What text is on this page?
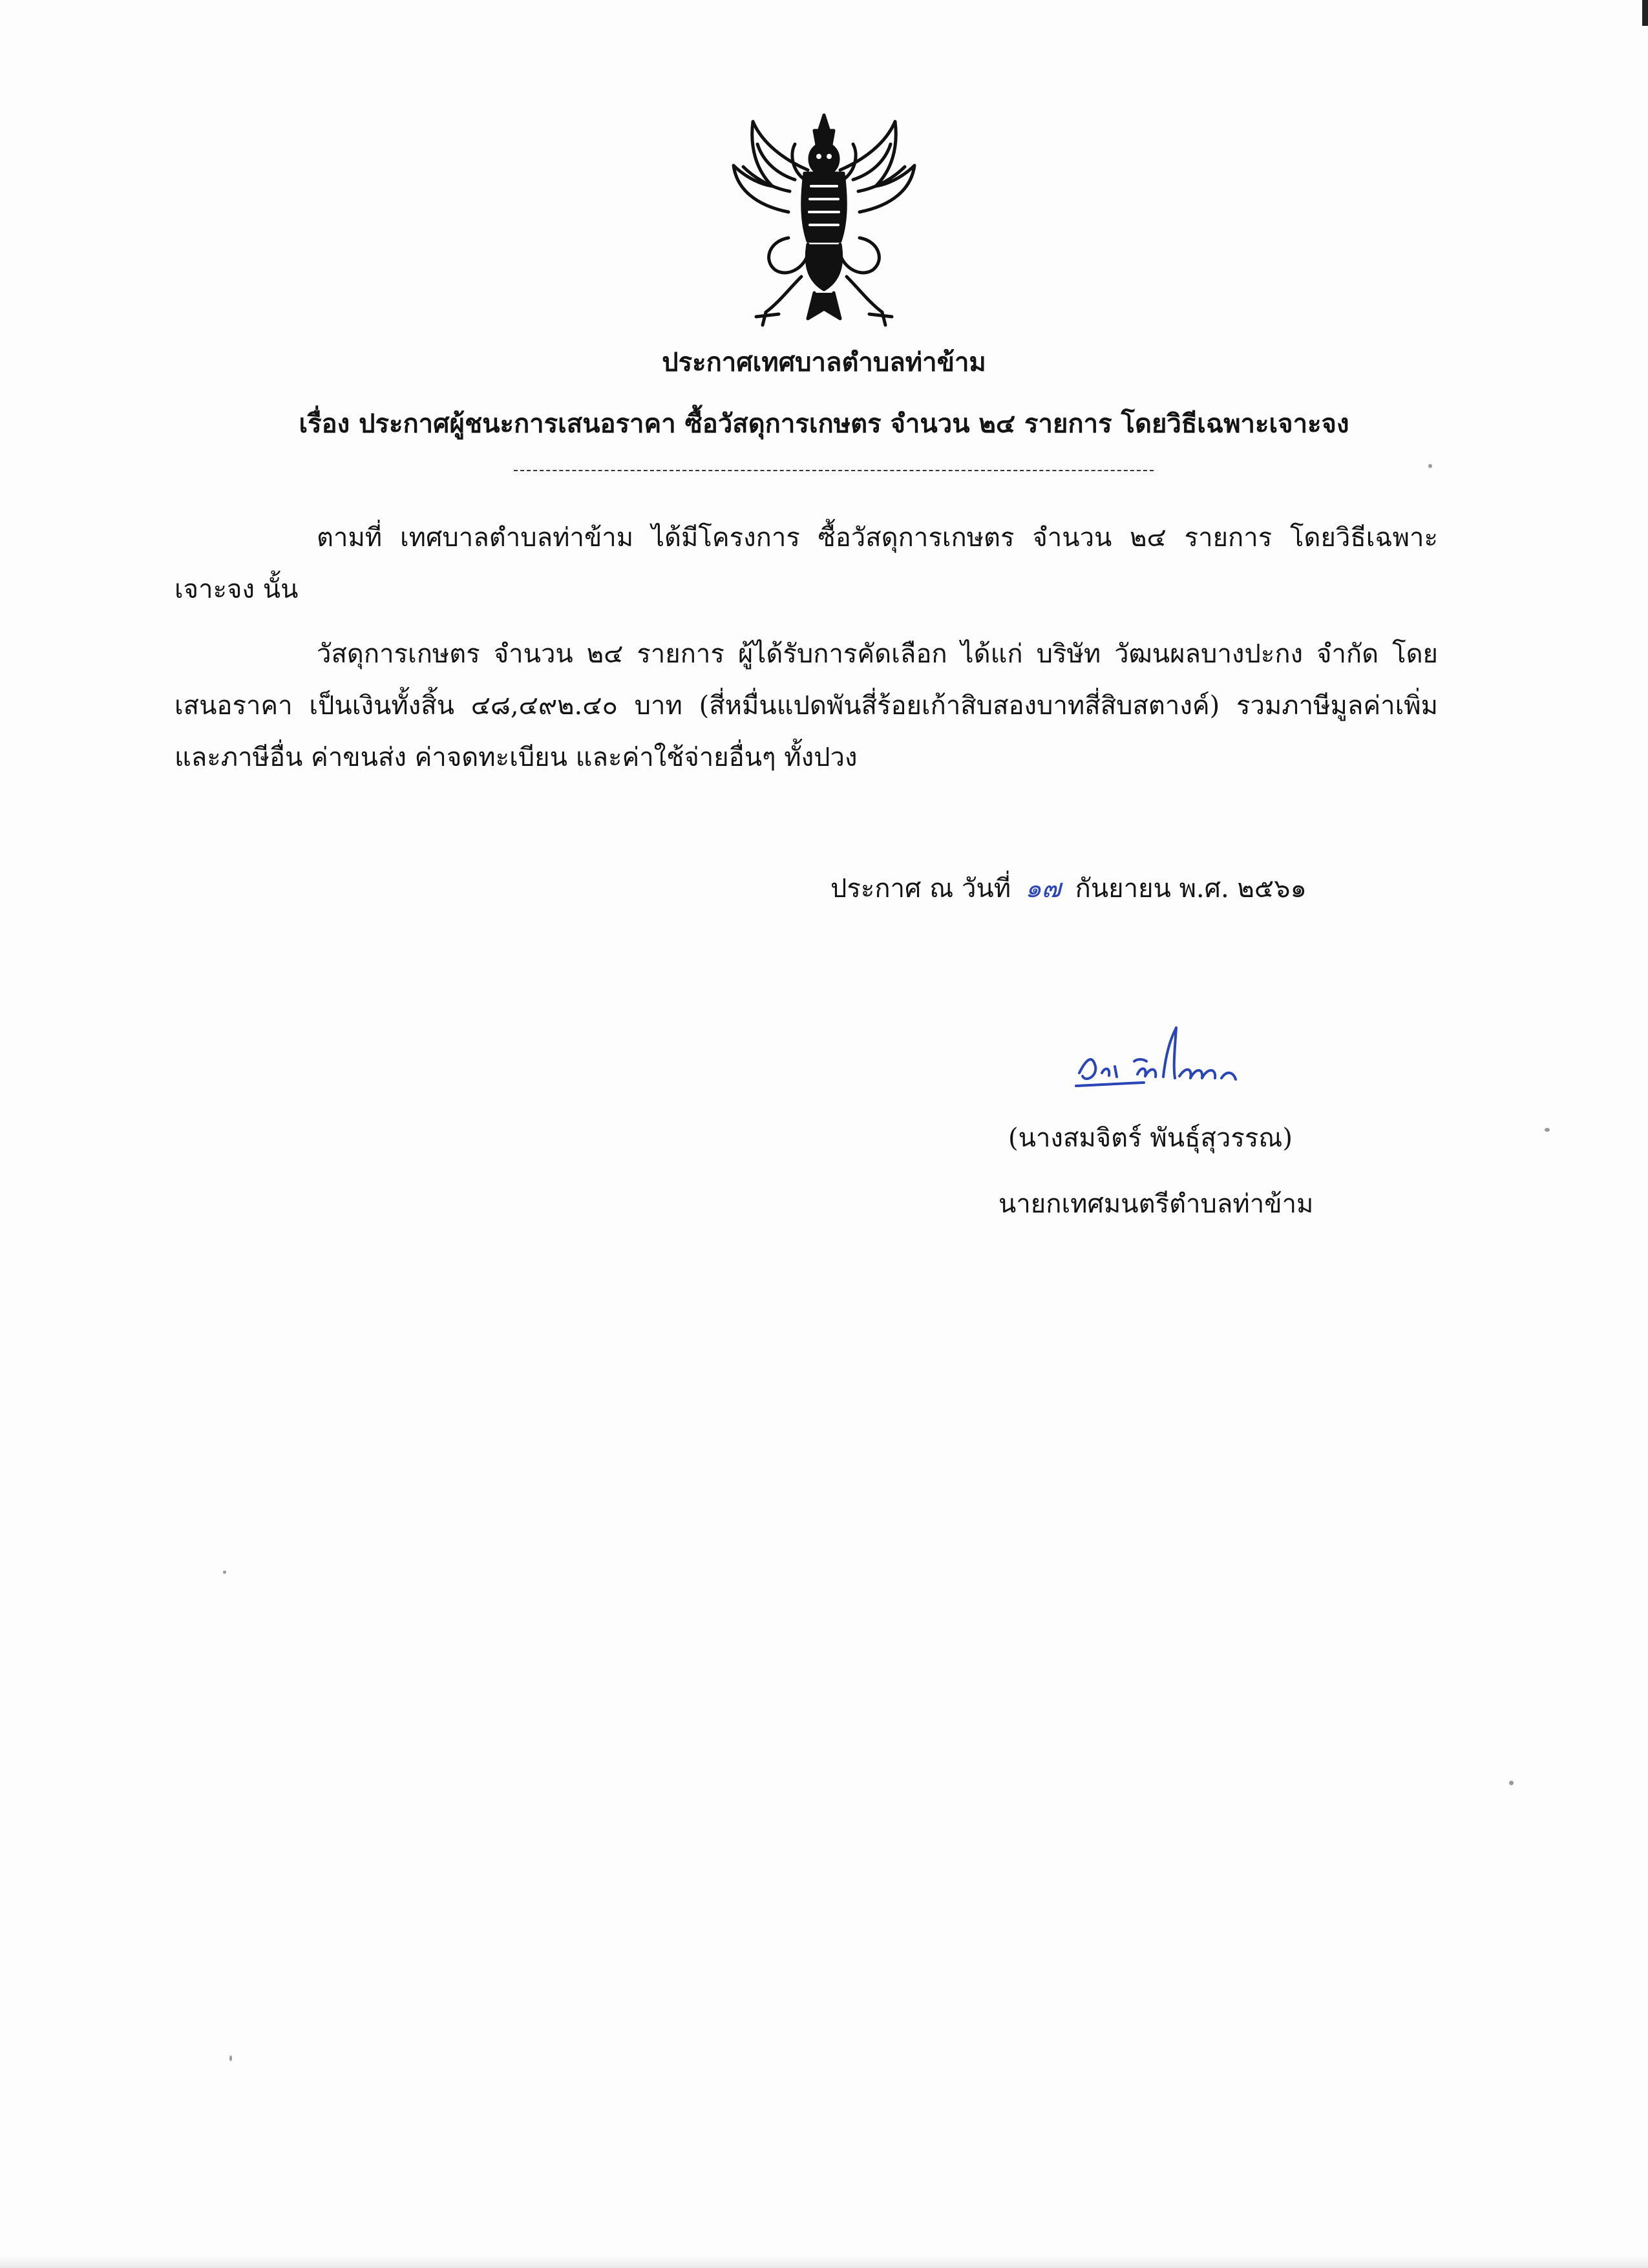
ประกาศเทศบาลตำบลท่าข้าม
เรื่อง ประกาศผู้ชนะการเสนอราคา ซื้อวัสดุการเกษตร จำนวน ๒๔ รายการ โดยวิธีเฉพาะเจาะจง
ตามที่ เทศบาลตำบลท่าข้าม ได้มีโครงการ ซื้อวัสดุการเกษตร จำนวน ๒๔ รายการ โดยวิธีเฉพาะเจาะจง นั้น
วัสดุการเกษตร จำนวน ๒๔ รายการ ผู้ได้รับการคัดเลือก ได้แก่ บริษัท วัฒนผลบางปะกง จำกัด โดยเสนอราคา เป็นเงินทั้งสิ้น ๔๘,๔๙๒.๔๐ บาท (สี่หมื่นแปดพันสี่ร้อยเก้าสิบสองบาทสี่สิบสตางค์) รวมภาษีมูลค่าเพิ่มและภาษีอื่น ค่าขนส่ง ค่าจดทะเบียน และค่าใช้จ่ายอื่นๆ ทั้งปวง
ประกาศ ณ วันที่ ๑๗ กันยายน พ.ศ. ๒๕๖๑
(นางสมจิตร์ พันธุ์สุวรรณ)
นายกเทศมนตรีตำบลท่าข้าม
